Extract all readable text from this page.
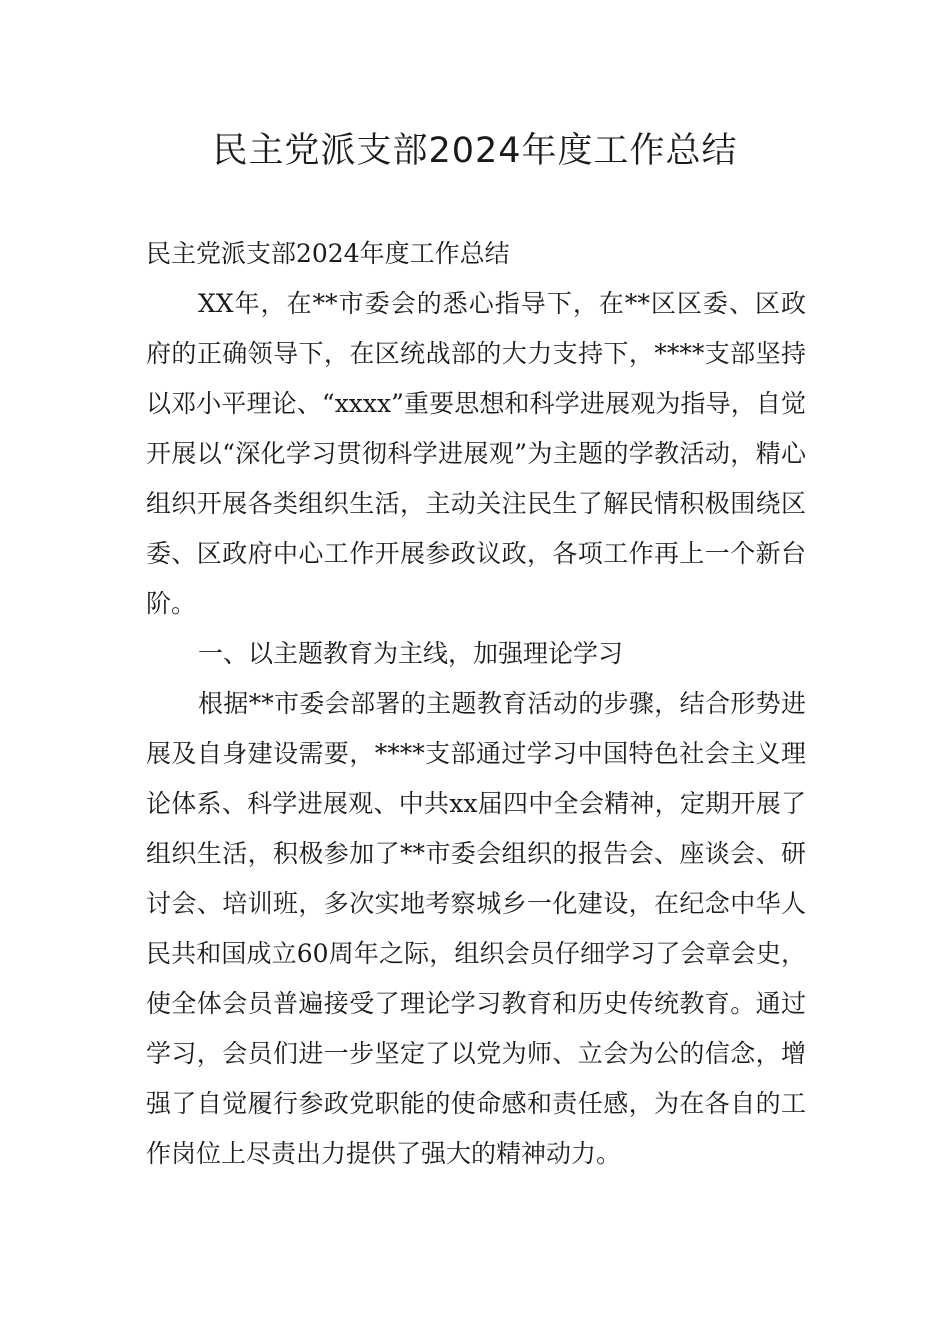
民主党派支部2024年度工作总结

民主党派支部2024年度工作总结

XX年，在**市委会的悉心指导下，在**区区委、区政府的正确领导下，在区统战部的大力支持下，****支部坚持以邓小平理论、“xxxx”重要思想和科学进展观为指导，自觉开展以“深化学习贯彻科学进展观”为主题的学教活动，精心组织开展各类组织生活，主动关注民生了解民情积极围绕区委、区政府中心工作开展参政议政，各项工作再上一个新台阶。

一、以主题教育为主线，加强理论学习

根据**市委会部署的主题教育活动的步骤，结合形势进展及自身建设需要，****支部通过学习中国特色社会主义理论体系、科学进展观、中共xx届四中全会精神，定期开展了组织生活，积极参加了**市委会组织的报告会、座谈会、研讨会、培训班，多次实地考察城乡一化建设，在纪念中华人民共和国成立60周年之际，组织会员仔细学习了会章会史，使全体会员普遍接受了理论学习教育和历史传统教育。通过学习，会员们进一步坚定了以党为师、立会为公的信念，增强了自觉履行参政党职能的使命感和责任感，为在各自的工作岗位上尽责出力提供了强大的精神动力。
